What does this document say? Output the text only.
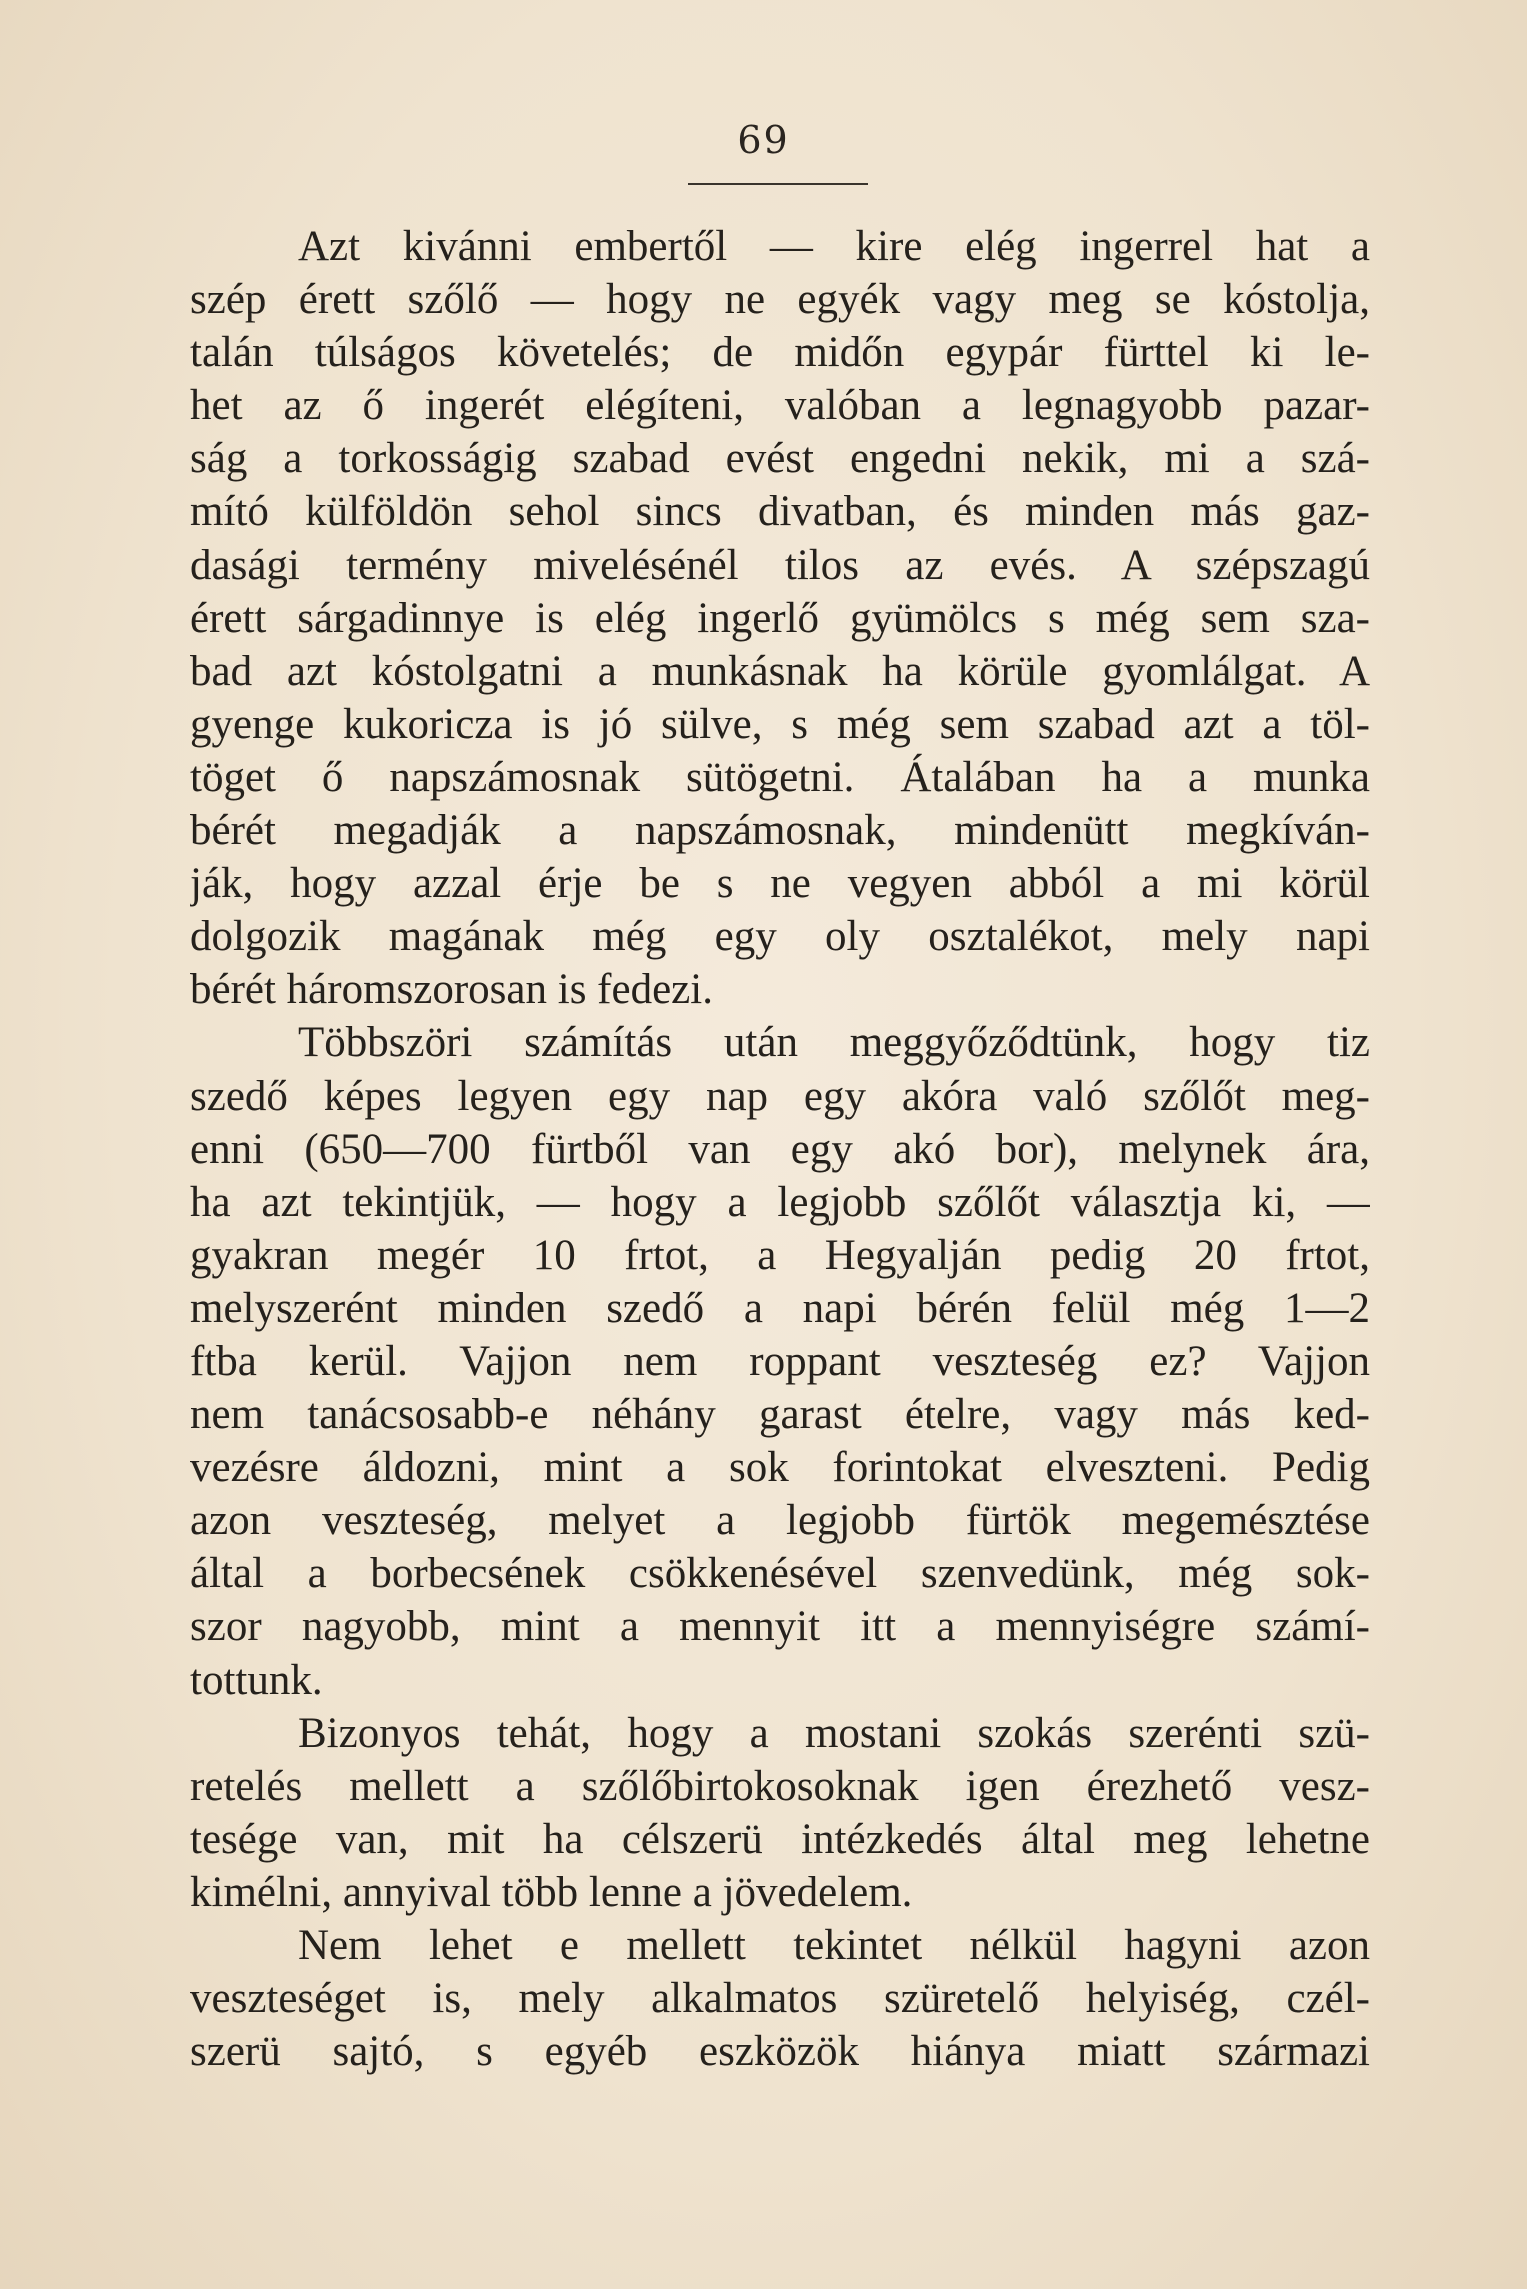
69
Azt kivánni embertől — kire elég ingerrel hat a
szép érett szőlő — hogy ne egyék vagy meg se kóstolja,
talán túlságos követelés; de midőn egypár fürttel ki le-
het az ő ingerét elégíteni, valóban a legnagyobb pazar-
ság a torkosságig szabad evést engedni nekik, mi a szá-
mító külföldön sehol sincs divatban, és minden más gaz-
dasági termény mivelésénél tilos az evés. A szépszagú
érett sárgadinnye is elég ingerlő gyümölcs s még sem sza-
bad azt kóstolgatni a munkásnak ha körüle gyomlálgat. A
gyenge kukoricza is jó sülve, s még sem szabad azt a töl-
töget ő napszámosnak sütögetni. Átalában ha a munka
bérét megadják a napszámosnak, mindenütt megkíván-
ják, hogy azzal érje be s ne vegyen abból a mi körül
dolgozik magának még egy oly osztalékot, mely napi
bérét háromszorosan is fedezi.
Többszöri számítás után meggyőződtünk, hogy tiz
szedő képes legyen egy nap egy akóra való szőlőt meg-
enni (650—700 fürtből van egy akó bor), melynek ára,
ha azt tekintjük, — hogy a legjobb szőlőt választja ki, —
gyakran megér 10 frtot, a Hegyalján pedig 20 frtot,
melyszerént minden szedő a napi bérén felül még 1—2
ftba kerül. Vajjon nem roppant veszteség ez? Vajjon
nem tanácsosabb-e néhány garast ételre, vagy más ked-
vezésre áldozni, mint a sok forintokat elveszteni. Pedig
azon veszteség, melyet a legjobb fürtök megemésztése
által a borbecsének csökkenésével szenvedünk, még sok-
szor nagyobb, mint a mennyit itt a mennyiségre számí-
tottunk.
Bizonyos tehát, hogy a mostani szokás szerénti szü-
retelés mellett a szőlőbirtokosoknak igen érezhető vesz-
tesége van, mit ha célszerü intézkedés által meg lehetne
kimélni, annyival több lenne a jövedelem.
Nem lehet e mellett tekintet nélkül hagyni azon
veszteséget is, mely alkalmatos szüretelő helyiség, czél-
szerü sajtó, s egyéb eszközök hiánya miatt származi
